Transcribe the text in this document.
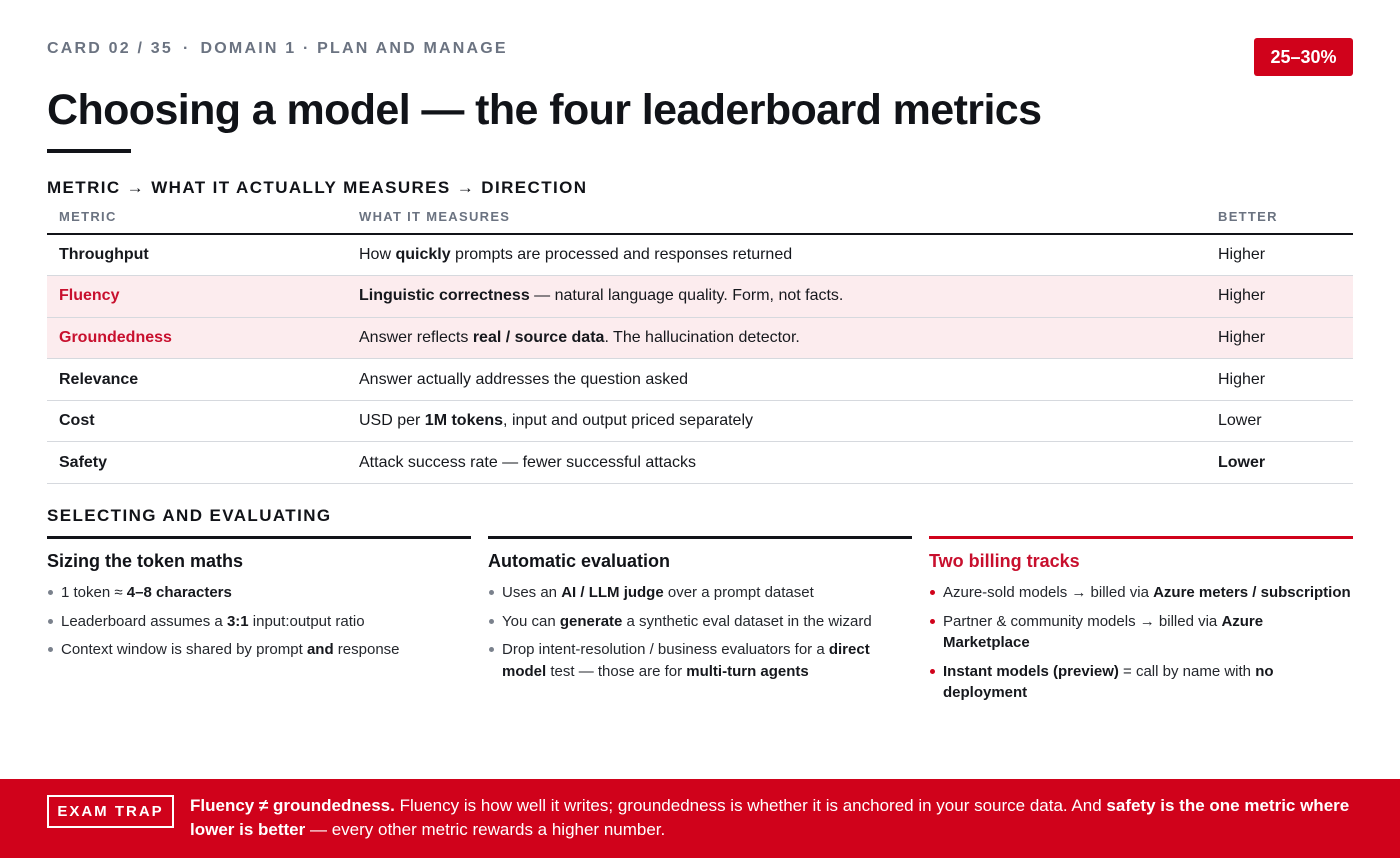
CARD 02 / 35 · DOMAIN 1 · PLAN AND MANAGE	25–30%
Choosing a model — the four leaderboard metrics
METRIC → WHAT IT ACTUALLY MEASURES → DIRECTION
METRIC	WHAT IT MEASURES	BETTER
Throughput	How quickly prompts are processed and responses returned	Higher
Fluency	Linguistic correctness — natural language quality. Form, not facts.	Higher
Groundedness	Answer reflects real / source data. The hallucination detector.	Higher
Relevance	Answer actually addresses the question asked	Higher
Cost	USD per 1M tokens, input and output priced separately	Lower
Safety	Attack success rate — fewer successful attacks	Lower
SELECTING AND EVALUATING
Sizing the token maths
1 token ≈ 4–8 characters
Leaderboard assumes a 3:1 input:output ratio
Context window is shared by prompt and response
Automatic evaluation
Uses an AI / LLM judge over a prompt dataset
You can generate a synthetic eval dataset in the wizard
Drop intent-resolution / business evaluators for a direct model test — those are for multi-turn agents
Two billing tracks
Azure-sold models → billed via Azure meters / subscription
Partner & community models → billed via Azure Marketplace
Instant models (preview) = call by name with no deployment
EXAM TRAP	Fluency ≠ groundedness. Fluency is how well it writes; groundedness is whether it is anchored in your source data. And safety is the one metric where lower is better — every other metric rewards a higher number.
